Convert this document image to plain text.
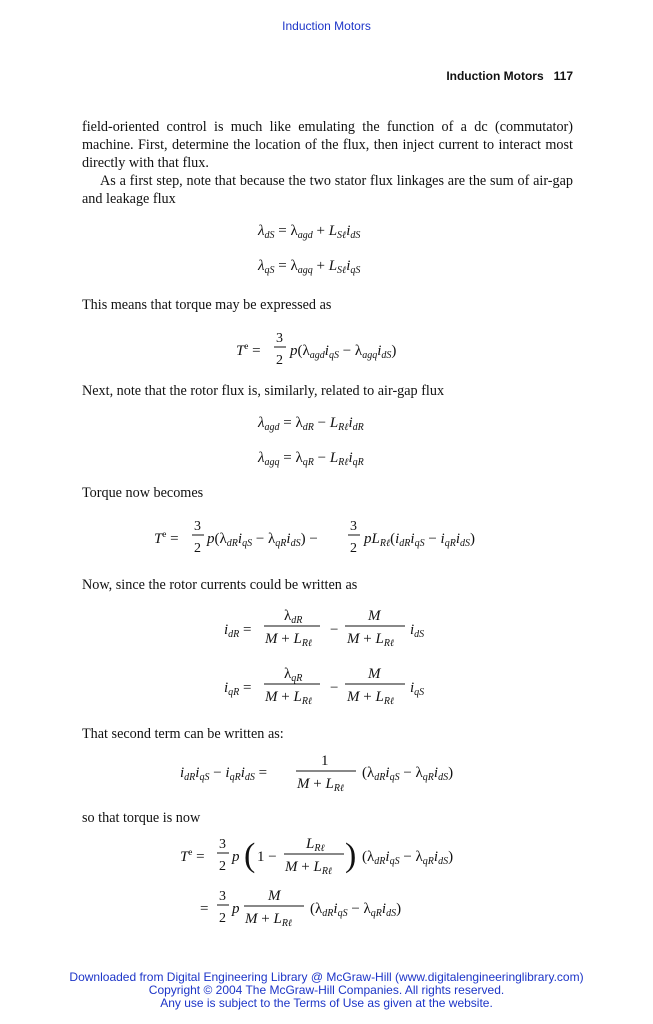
Induction Motors
Induction Motors 117

field-oriented control is much like emulating the function of a dc (commutator) machine. First, determine the location of the flux, then inject current to interact most directly with that flux.

As a first step, note that because the two stator flux linkages are the sum of air-gap and leakage flux

$\lambda_{dS} = \lambda_{agd} + L_{S\ell}i_{dS}$
$\lambda_{qS} = \lambda_{agq} + L_{S\ell}i_{qS}$

This means that torque may be expressed as

$T^e$ =
3
2
$p(\lambda_{agd}i_{qS} - \lambda_{agq}i_{dS})$

Next, note that the rotor flux is, similarly, related to air-gap flux

$\lambda_{agd} = \lambda_{dR} - L_{R\ell}i_{dR}$
$\lambda_{agq} = \lambda_{qR} - L_{R\ell}i_{qR}$

Torque now becomes

$T^e$ =
3
2
$p(\lambda_{dR}i_{qS} - \lambda_{qR}i_{dS})$ −
3
2
$pL_{R\ell}(i_{dR}i_{qS} - i_{qR}i_{dS})$

Now, since the rotor currents could be written as

$i_{dR}$ =
$\lambda_{dR}$
$M + L_{R\ell}$
−
M
$M + L_{R\ell}$
$i_{dS}$
$i_{qR}$ =
$\lambda_{qR}$
$M + L_{R\ell}$
−
M
$M + L_{R\ell}$
$i_{qS}$

That second term can be written as:

$i_{dR}i_{qS} - i_{qR}i_{dS}$ =
1
$M + L_{R\ell}$
$(\lambda_{dR}i_{qS} - \lambda_{qR}i_{dS})$

so that torque is now

$T^e$ =
3
2
p ( 1 −
$L_{R\ell}$
$M + L_{R\ell}$ ) $(\lambda_{dR}i_{qS} - \lambda_{qR}i_{dS})$
=
3
2
p
M
$M + L_{R\ell}$
$(\lambda_{dR}i_{qS} - \lambda_{qR}i_{dS})$
Downloaded from Digital Engineering Library @ McGraw-Hill (www.digitalengineeringlibrary.com)
Copyright © 2004 The McGraw-Hill Companies. All rights reserved.
Any use is subject to the Terms of Use as given at the website.
